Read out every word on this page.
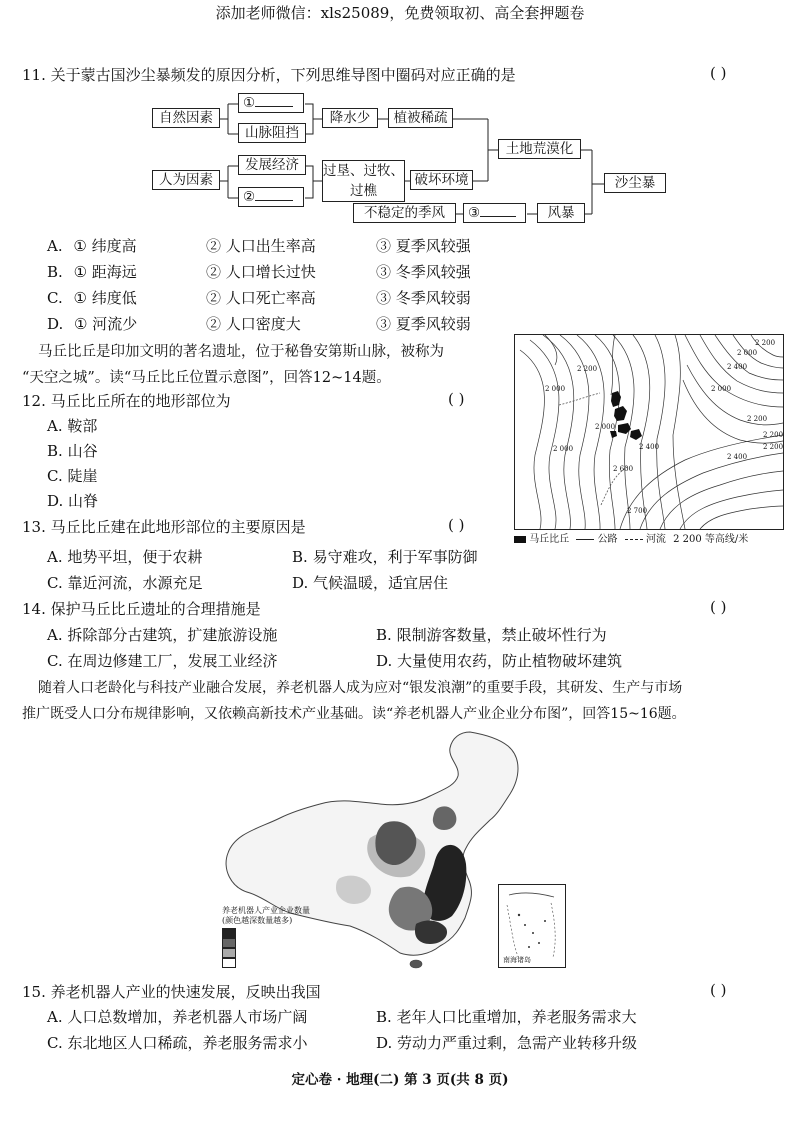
添加老师微信：xls25089，免费领取初、高全套押题卷
11. 关于蒙古国沙尘暴频发的原因分析，下列思维导图中圈码对应正确的是	( )
自然因素
①
山脉阻挡
降水少	植被稀疏
土地荒漠化
人为因素
发展经济
②
过垦、过牧、过樵
破坏环境	沙尘暴
不稳定的季风	③	风暴
A. ① 纬度高	② 人口出生率高	③ 夏季风较强
B. ① 距海远	② 人口增长过快	③ 冬季风较强
C. ① 纬度低	② 人口死亡率高	③ 冬季风较弱
D. ① 河流少	② 人口密度大	③ 夏季风较弱
马丘比丘是印加文明的著名遗址，位于秘鲁安第斯山脉，被称为
“天空之城”。读“马丘比丘位置示意图”，回答12~14题。
2 000
2 200
2 400
2 000
2 200
2 000
2 000
2 200
2 400
2 600
2 200
2 400
2 700
2 000
2 200
马丘比丘	公路	河流 2 200 等高线/米
12. 马丘比丘所在的地形部位为	( )
A. 鞍部
B. 山谷
C. 陡崖
D. 山脊
13. 马丘比丘建在此地形部位的主要原因是	( )
A. 地势平坦，便于农耕	B. 易守难攻，利于军事防御
C. 靠近河流，水源充足	D. 气候温暖，适宜居住
14. 保护马丘比丘遗址的合理措施是	( )
A. 拆除部分古建筑，扩建旅游设施	B. 限制游客数量，禁止破坏性行为
C. 在周边修建工厂，发展工业经济	D. 大量使用农药，防止植物破坏建筑
随着人口老龄化与科技产业融合发展，养老机器人成为应对“银发浪潮”的重要手段，其研发、生产与市场
推广既受人口分布规律影响，又依赖高新技术产业基础。读“养老机器人产业企业分布图”，回答15~16题。
南海诸岛
养老机器人产业企业数量
(颜色越深数量越多)
15. 养老机器人产业的快速发展，反映出我国	( )
A. 人口总数增加，养老机器人市场广阔	B. 老年人口比重增加，养老服务需求大
C. 东北地区人口稀疏，养老服务需求小	D. 劳动力严重过剩，急需产业转移升级
定心卷 · 地理(二) 第 3 页(共 8 页)
